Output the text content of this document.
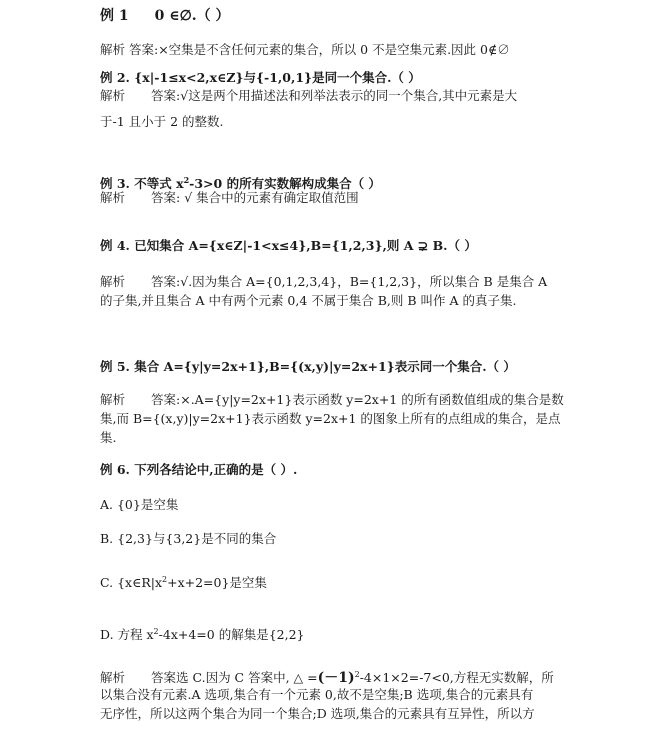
例 1 0 ∈∅.（ ）
解析 答案:×空集是不含任何元素的集合，所以 0 不是空集元素.因此 0∉∅
例 2. {x|-1≤x<2,x∈Z}与{-1,0,1}是同一个集合.（ ）
解析 答案:√这是两个用描述法和列举法表示的同一个集合,其中元素是大
于-1 且小于 2 的整数.
例 3. 不等式 $x^2-3>0$ 的所有实数解构成集合（ ）
解析 答案: √ 集合中的元素有确定取值范围
例 4. 已知集合 A={x∈Z|-1<x≤4},B={1,2,3},则 A ⊋ B.（ ）
解析 答案:√.因为集合 A={0,1,2,3,4}，B={1,2,3}，所以集合 B 是集合 A
的子集,并且集合 A 中有两个元素 0,4 不属于集合 B,则 B 叫作 A 的真子集.
例 5. 集合 A={y|y=2x+1},B={(x,y)|y=2x+1}表示同一个集合.（ ）
解析 答案:×.A={y|y=2x+1}表示函数 y=2x+1 的所有函数值组成的集合是数
集,而 B={(x,y)|y=2x+1}表示函数 y=2x+1 的图象上所有的点组成的集合，是点
集.
例 6. 下列各结论中,正确的是（ ）.
A. {0}是空集
B. {2,3}与{3,2}是不同的集合
C. $\{x\in R|x^2+x+2=0\}$是空集
D. 方程 $x^2-4x+4=0$ 的解集是{2,2}
解析 答案选 C.因为 C 答案中, △ $=(-1)^2-4\times 1\times 2=-7<0$,方程无实数解，所
以集合没有元素.A 选项,集合有一个元素 0,故不是空集;B 选项,集合的元素具有
无序性，所以这两个集合为同一个集合;D 选项,集合的元素具有互异性，所以方
